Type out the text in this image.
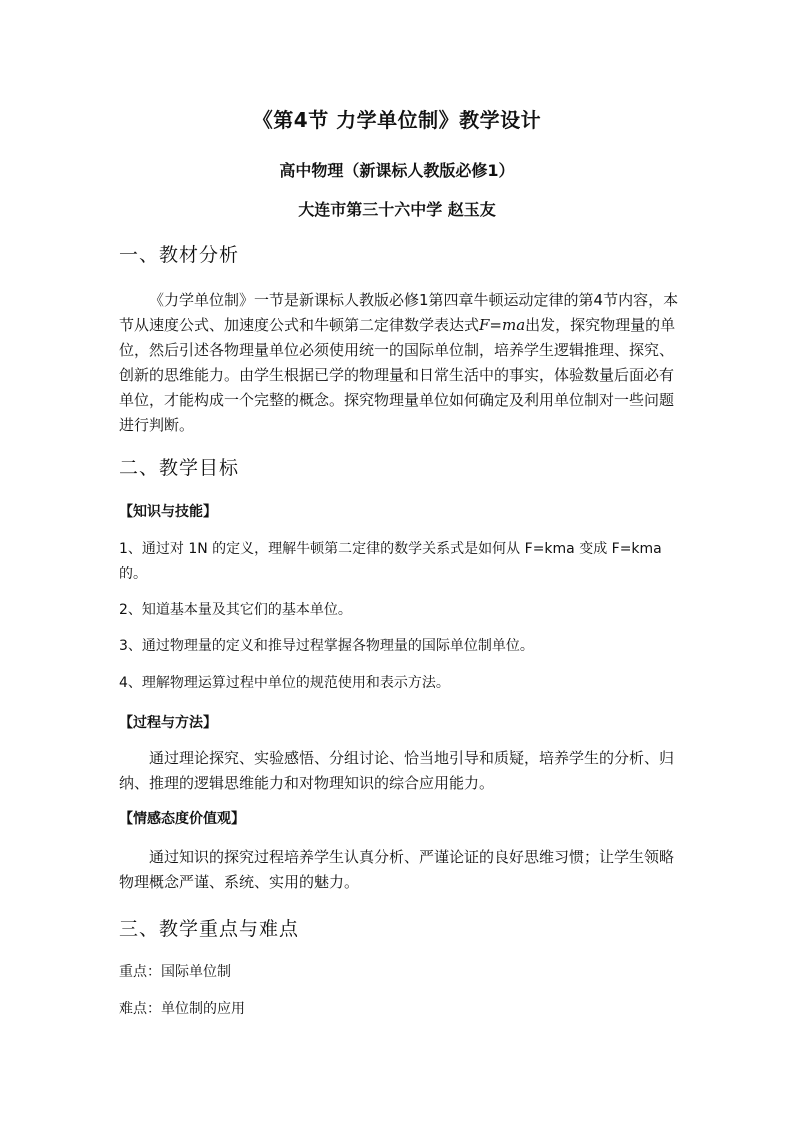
《第4节 力学单位制》教学设计
高中物理（新课标人教版必修1）
大连市第三十六中学 赵玉友
一、教材分析

《力学单位制》一节是新课标人教版必修1第四章牛顿运动定律的第4节内容，本节从速度公式、加速度公式和牛顿第二定律数学表达式F=ma出发，探究物理量的单位，然后引述各物理量单位必须使用统一的国际单位制，培养学生逻辑推理、探究、创新的思维能力。由学生根据已学的物理量和日常生活中的事实，体验数量后面必有单位，才能构成一个完整的概念。探究物理量单位如何确定及利用单位制对一些问题进行判断。

二、教学目标
【知识与技能】
1、通过对 1N 的定义，理解牛顿第二定律的数学关系式是如何从 F=kma 变成 F=kma 的。
2、知道基本量及其它们的基本单位。
3、通过物理量的定义和推导过程掌握各物理量的国际单位制单位。
4、理解物理运算过程中单位的规范使用和表示方法。
【过程与方法】

通过理论探究、实验感悟、分组讨论、恰当地引导和质疑，培养学生的分析、归纳、推理的逻辑思维能力和对物理知识的综合应用能力。

【情感态度价值观】

通过知识的探究过程培养学生认真分析、严谨论证的良好思维习惯；让学生领略物理概念严谨、系统、实用的魅力。

三、教学重点与难点
重点：国际单位制
难点：单位制的应用
